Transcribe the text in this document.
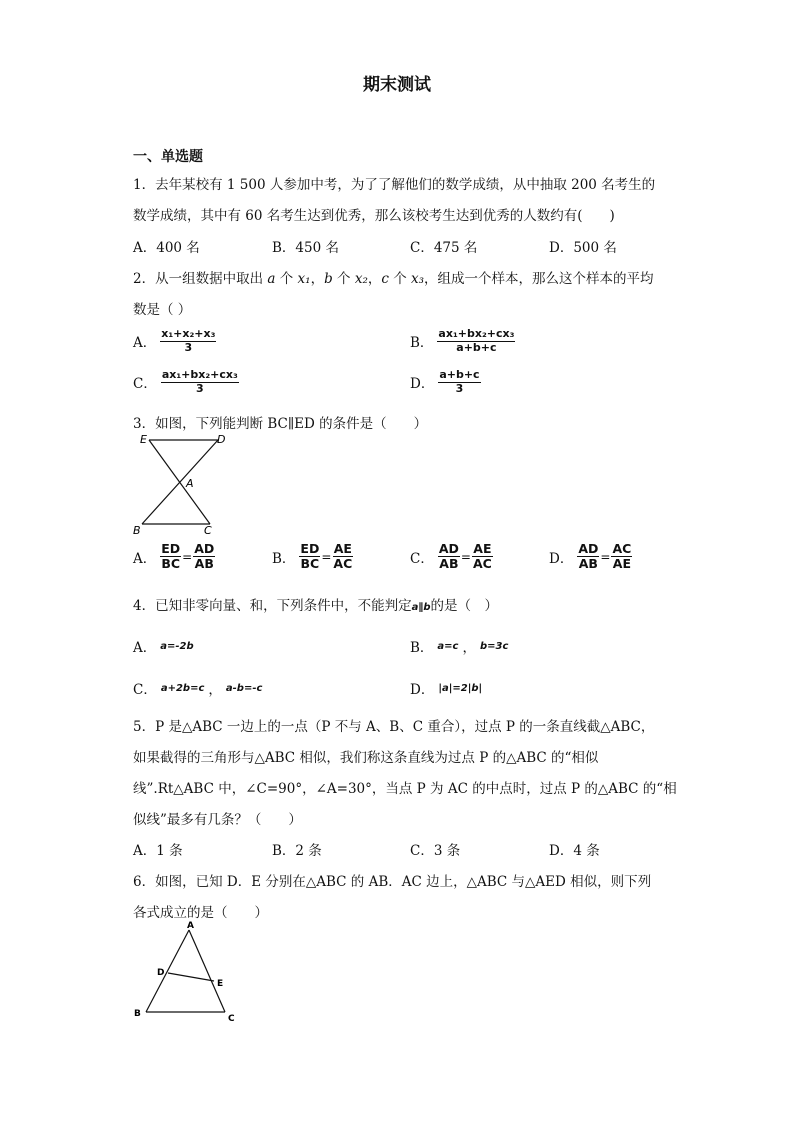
期末测试
一、单选题
1．去年某校有 1 500 人参加中考，为了了解他们的数学成绩，从中抽取 200 名考生的
数学成绩，其中有 60 名考生达到优秀，那么该校考生达到优秀的人数约有(　　)
A．400 名	B．450 名	C．475 名	D．500 名
2．从一组数据中取出 a 个 x₁，b 个 x₂，c 个 x₃，组成一个样本，那么这个样本的平均
数是（ ）
A． $\frac{\text{x₁+x₂+x₃}}{3}$	B． $\frac{\text{ax₁+bx₂+cx₃}}{a+b+c}$
C． $\frac{\text{ax₁+bx₂+cx₃}}{3}$	D． $\frac{a+b+c}{3}$
3．如图，下列能判断 BC∥ED 的条件是（　　）
E	D
A
B	C
A． $\frac{ED}{BC} = \frac{AD}{AB}$	B． $\frac{ED}{BC} = \frac{AE}{AC}$	C． $\frac{AD}{AB} = \frac{AE}{AC}$	D． $\frac{AD}{AB} = \frac{AC}{AE}$
4．已知非零向量、和，下列条件中，不能判定a∥b的是（　）
A． a=-2b	B． a=c ， b=3c
C． a+2b=c ， a-b=-c	D． |a|=2|b|
5．P 是△ABC 一边上的一点（P 不与 A、B、C 重合），过点 P 的一条直线截△ABC，
如果截得的三角形与△ABC 相似，我们称这条直线为过点 P 的△ABC 的“相似
线”.Rt△ABC 中，∠C=90°，∠A=30°，当点 P 为 AC 的中点时，过点 P 的△ABC 的“相
似线”最多有几条？（　　）
A．1 条	B．2 条	C．3 条	D．4 条
6．如图，已知 D．E 分别在△ABC 的 AB．AC 边上，△ABC 与△AED 相似，则下列
各式成立的是（　　）
A
D
E
B	C
